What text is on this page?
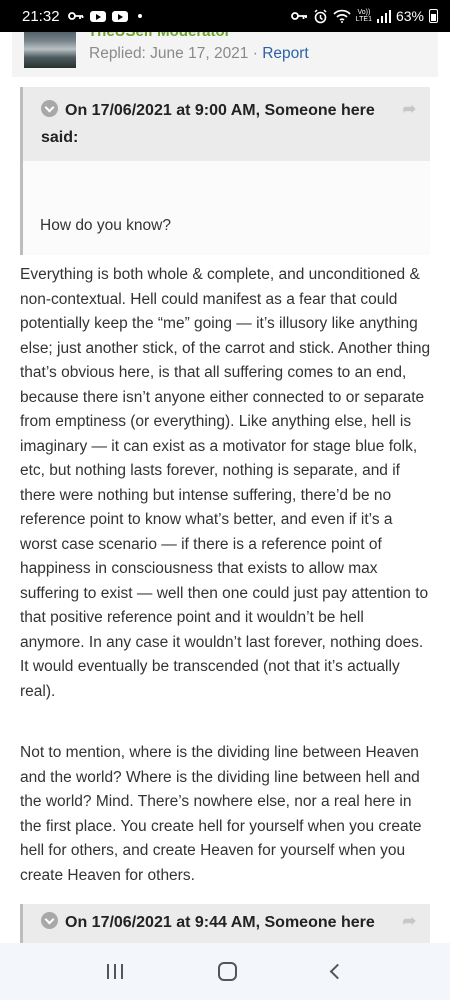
21:32	Vo))
LTE1 63%
Replied: June 17, 2021 · Report
On 17/06/2021 at 9:00 AM, Someone here said:
➦
How do you know?
Everything is both whole & complete, and unconditioned & non-contextual. Hell could manifest as a fear that could potentially keep the “me” going — it’s illusory like anything else; just another stick, of the carrot and stick. Another thing that’s obvious here, is that all suffering comes to an end, because there isn’t anyone either connected to or separate from emptiness (or everything). Like anything else, hell is imaginary — it can exist as a motivator for stage blue folk, etc, but nothing lasts forever, nothing is separate, and if there were nothing but intense suffering, there’d be no reference point to know what’s better, and even if it’s a worst case scenario — if there is a reference point of happiness in consciousness that exists to allow max suffering to exist — well then one could just pay attention to that positive reference point and it wouldn’t be hell anymore. In any case it wouldn’t last forever, nothing does. It would eventually be transcended (not that it’s actually real).
Not to mention, where is the dividing line between Heaven and the world? Where is the dividing line between hell and the world? Mind. There’s nowhere else, nor a real here in the first place. You create hell for yourself when you create hell for others, and create Heaven for yourself when you create Heaven for others.
On 17/06/2021 at 9:44 AM, Someone here ➦
